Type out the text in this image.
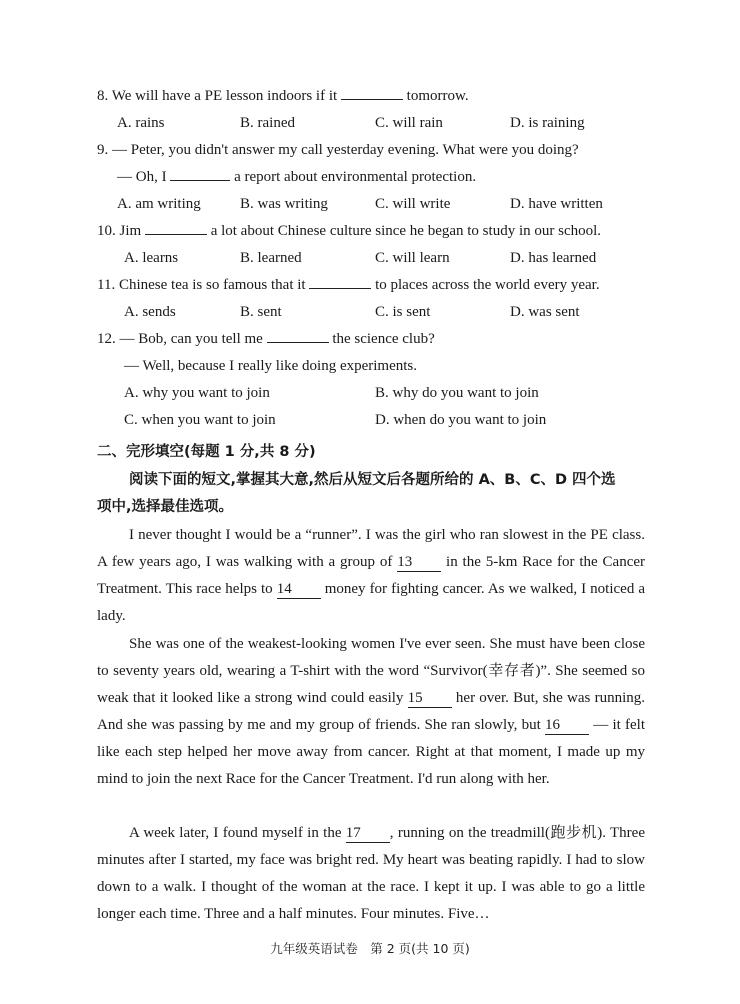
8. We will have a PE lesson indoors if it	tomorrow.
A. rains	B. rained	C. will rain	D. is raining
9. — Peter, you didn't answer my call yesterday evening. What were you doing?
— Oh, I	a report about environmental protection.
A. am writing	B. was writing	C. will write	D. have written
10. Jim	a lot about Chinese culture since he began to study in our school.
A. learns	B. learned	C. will learn	D. has learned
11. Chinese tea is so famous that it	to places across the world every year.
A. sends	B. sent	C. is sent	D. was sent
12. — Bob, can you tell me	the science club?
— Well, because I really like doing experiments.
A. why you want to join	B. why do you want to join
C. when you want to join	D. when do you want to join
二、完形填空(每题 1 分,共 8 分)
阅读下面的短文,掌握其大意,然后从短文后各题所给的 A、B、C、D 四个选
项中,选择最佳选项。
I never thought I would be a “runner”. I was the girl who ran slowest in the PE class. A few years ago, I was walking with a group of 13 in the 5-km Race for the Cancer Treatment. This race helps to 14 money for fighting cancer. As we walked, I noticed a lady.
She was one of the weakest-looking women I've ever seen. She must have been close to seventy years old, wearing a T-shirt with the word “Survivor(幸存者)”. She seemed so weak that it looked like a strong wind could easily 15 her over. But, she was running. And she was passing by me and my group of friends. She ran slowly, but 16 — it felt like each step helped her move away from cancer. Right at that moment, I made up my mind to join the next Race for the Cancer Treatment. I'd run along with her.
A week later, I found myself in the 17 , running on the treadmill(跑步机). Three minutes after I started, my face was bright red. My heart was beating rapidly. I had to slow down to a walk. I thought of the woman at the race. I kept it up. I was able to go a little longer each time. Three and a half minutes. Four minutes. Five…
九年级英语试卷　第 2 页(共 10 页)
